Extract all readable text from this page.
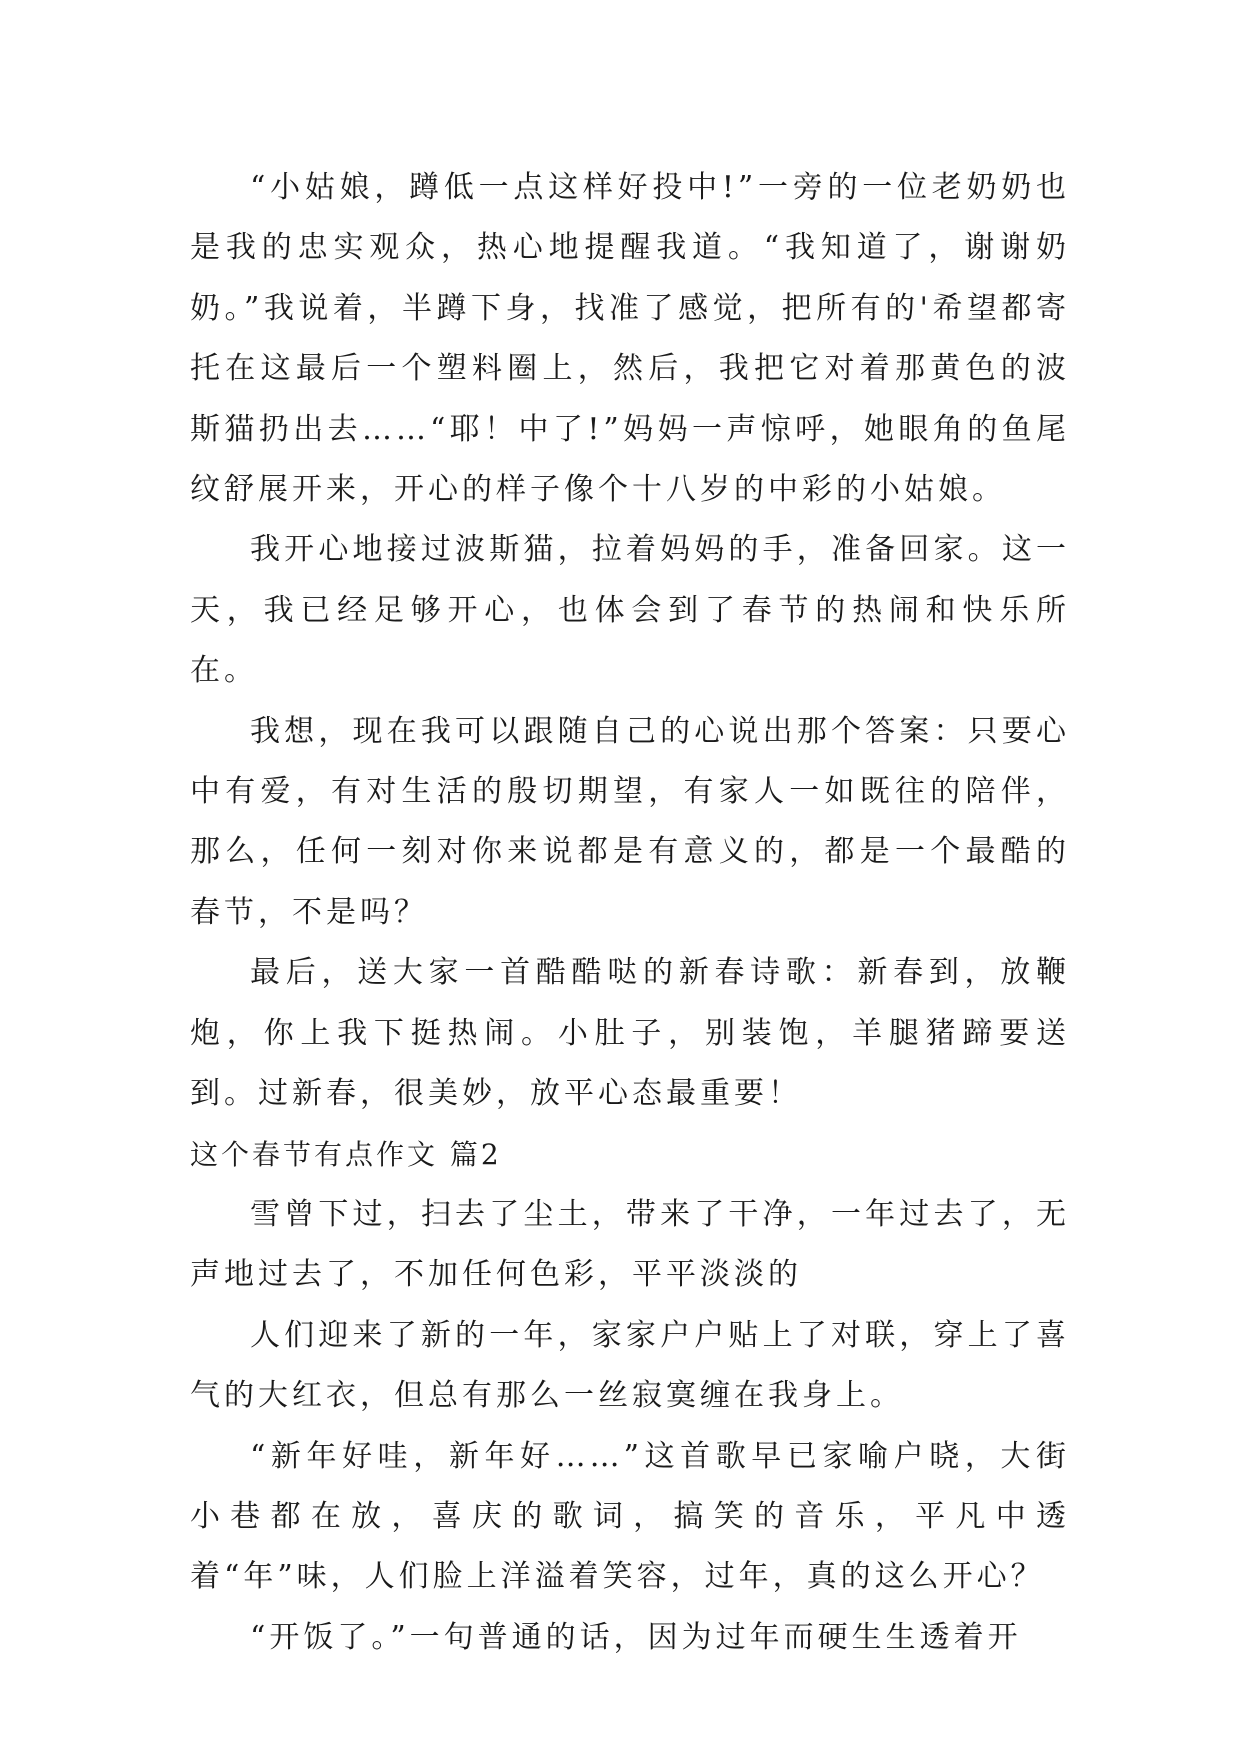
“小姑娘，蹲低一点这样好投中!”一旁的一位老奶奶也是我的忠实观众，热心地提醒我道。“我知道了，谢谢奶奶。”我说着，半蹲下身，找准了感觉，把所有的'希望都寄托在这最后一个塑料圈上，然后，我把它对着那黄色的波斯猫扔出去……“耶！中了!”妈妈一声惊呼，她眼角的鱼尾纹舒展开来，开心的样子像个十八岁的中彩的小姑娘。

我开心地接过波斯猫，拉着妈妈的手，准备回家。这一天，我已经足够开心，也体会到了春节的热闹和快乐所在。

我想，现在我可以跟随自己的心说出那个答案：只要心中有爱，有对生活的殷切期望，有家人一如既往的陪伴，那么，任何一刻对你来说都是有意义的，都是一个最酷的春节，不是吗？

最后，送大家一首酷酷哒的新春诗歌：新春到，放鞭炮，你上我下挺热闹。小肚子，别装饱，羊腿猪蹄要送到。过新春，很美妙，放平心态最重要！

这个春节有点作文 篇2

雪曾下过，扫去了尘土，带来了干净，一年过去了，无声地过去了，不加任何色彩，平平淡淡的

人们迎来了新的一年，家家户户贴上了对联，穿上了喜气的大红衣，但总有那么一丝寂寞缠在我身上。

“新年好哇，新年好……”这首歌早已家喻户晓，大街小巷都在放，喜庆的歌词，搞笑的音乐，平凡中透着“年”味，人们脸上洋溢着笑容，过年，真的这么开心？

“开饭了。”一句普通的话，因为过年而硬生生透着开
